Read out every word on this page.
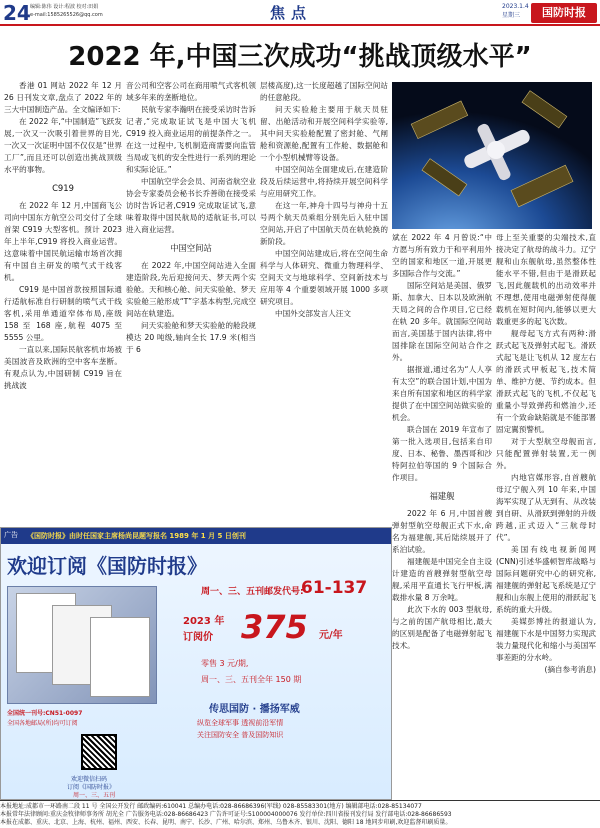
24 编辑:陈伟 设计:程波 校对:田娟
e-mail:1585265526@qq.com	焦点	2023.1.4
星期三	国防时报
2022 年,中国三次成功“挑战顶级水平”

香港 01 网站 2022 年 12 月 26 日刊发文章,盘点了 2022 年的三大中国制造产品。全文编译如下:

在 2022 年,“中国制造”飞跃发展,一次又一次吸引着世界的目光,一次又一次证明中国不仅仅是“世界工厂”,而且还可以创造出挑战顶级水平的事物。

C919

在 2022 年 12 月,中国商飞公司向中国东方航空公司交付了全球首架 C919 大型客机。预计 2023 年上半年,C919 将投入商业运营。这意味着中国民航运输市场首次拥有中国自主研发的喷气式干线客机。

C919 是中国首款按照国际通行适航标准自行研制的喷气式干线客机,采用单通道窄体布局,座级 158 至 168 座,航程 4075 至 5555 公里。

一直以来,国际民航客机市场被美国波音及欧洲的空中客车垄断。有观点认为,中国研制 C919 旨在挑战波

音公司和空客公司在商用喷气式客机领域多年来的垄断地位。

民航专家李瀚明在接受采访时告诉记者,“完成取证试飞是中国大飞机 C919 投入商业运用的前提条件之一。在这一过程中,飞机制造商需要向监管当局或飞机的安全性进行一系列的理论和实际论证。”

中国航空学会会员、河南省航空业协会专家委员会秘书长乔善勋在接受采访时告诉记者,C919 完成取证试飞,意味着取得中国民航局的适航证书,可以进入商业运营。

中国空间站

在 2022 年,中国空间站进入全面建造阶段,先后迎接问天、梦天两个实验舱。天和核心舱、问天实验舱、梦天实验舱三舱形成“T”字基本构型,完成空间站在轨建造。

问天实验舱和梦天实验舱的舱段规模达 20 吨级,轴向全长 17.9 米(相当于 6

层楼高度),这一长度超越了国际空间站的任意舱段。

问天实验舱主要用于航天员驻留、出舱活动和开展空间科学实验等,其中问天实验舱配置了密封舱、气闸舱和资源舱,配置有工作舱、数据舱和一个小型机械臂等设备。

中国空间站全面建成后,在建造阶段及后续运营中,将持续开展空间科学与应用研究工作。

在这一年,神舟十四号与神舟十五号两个航天员乘组分别先后入驻中国空间站,开启了中国航天员在轨轮换的新阶段。

中国空间站建成后,将在空间生命科学与人体研究、微重力物理科学、空间天文与地球科学、空间新技术与应用等 4 个重要领域开展 1000 多项研究项目。

中国外交部发言人汪文

斌在 2022 年 4 月曾说:“中方愿与所有致力于和平利用外空的国家和地区一道,开展更多国际合作与交流。”

国际空间站是美国、俄罗斯、加拿大、日本以及欧洲航天局之间的合作项目,它已经在轨 20 多年。就国际空间站而言,美国基于国内法律,将中国排除在国际空间站合作之外。

据报道,通过名为“人人享有太空”的联合国计划,中国为来自所有国家和地区的科学家提供了在中国空间站做实验的机会。

联合国在 2019 年宣布了第一批入选项目,包括来自印度、日本、秘鲁、墨西哥和沙特阿拉伯等国的 9 个国际合作项目。

福建舰

2022 年 6 月,中国首艘弹射型航空母舰正式下水,命名为福建舰,其后陆续展开了系泊试验。

福建舰是中国完全自主设计建造的首艘弹射型航空母舰,采用平直通长飞行甲板,满载排水量 8 万余吨。

此次下水的 003 型航母,与之前的国产航母相比,最大的区别是配备了电磁弹射起飞技术。

母上至关重要的尖端技术,直接决定了航母的战斗力。辽宁舰和山东舰航母,虽然整体性能水平不错,但由于是滑跃起飞,因此舰载机的出动效率并不理想,使用电磁弹射使得舰载机在短时间内,能够以更大载重更多的起飞次数。

舰母起飞方式有两种:滑跃式起飞及弹射式起飞。滑跃式起飞是让飞机从 12 度左右的滑跃式甲板起飞,技术简单、维护方便、节约成本。但滑跃式起飞的飞机,不仅起飞重量小导致弹药和燃油少,还有一个致命缺陷就是不能部署固定翼预警机。

对于大型航空母舰而言,只能配置弹射装置,无一例外。

内地官媒形容,自首艘航母辽宁舰入列 10 年来,中国海军实现了从无到有、从改装到自研、从滑跃到弹射的升级跨越,正式迈入“三航母时代”。

美国有线电视新闻网(CNN)引述华盛顿智库战略与国际问题研究中心的研究称,福建舰的弹射起飞系统是辽宁舰和山东舰上使用的滑跃起飞系统的重大升级。

美媒彭博社的报道认为,福建舰下水是中国努力实现武装力量现代化和缩小与美国军事差距的分水岭。

(摘自参考消息)

广告 《国防时报》由时任国家主席杨尚昆题写报名 1989 年 1 月 5 日创刊
欢迎订阅《国防时报》
周一、三、五刊邮发代号:
61-137
2023 年
订阅价 375 元/年
零售 3 元/期,
周一、三、五刊全年 150 期
全国统一刊号:CN51-0097
全国各地邮局(所)均可订阅
欢迎微信扫码
订阅《国防时报》
周一、三、五刊
传思国防 · 播扬军威
纵览全球军事 透视前沿军情
关注国防安全 普及国防知识
本报地址:成都市一环路南二段 11 号 全国公开发行 邮政编码:610041 总编办电话:028-86686396(军线) 028-85583301(地方) 编辑部电话:028-85134077
本报常年法律顾问:重庆金牧律师事务所 胡光全 广告服务电话:028-86686423 广告许可证号:5100004000076 发行单位:四川省报刊发行局 发行部电话:028-86686593
本报在成都、重庆、北京、上海、杭州、福州、西安、长春、昆明、南宁、长沙、广州、哈尔滨、郑州、乌鲁木齐、银川、沈阳、德阳 18 地同步印刷,欢迎监督印刷质量。
